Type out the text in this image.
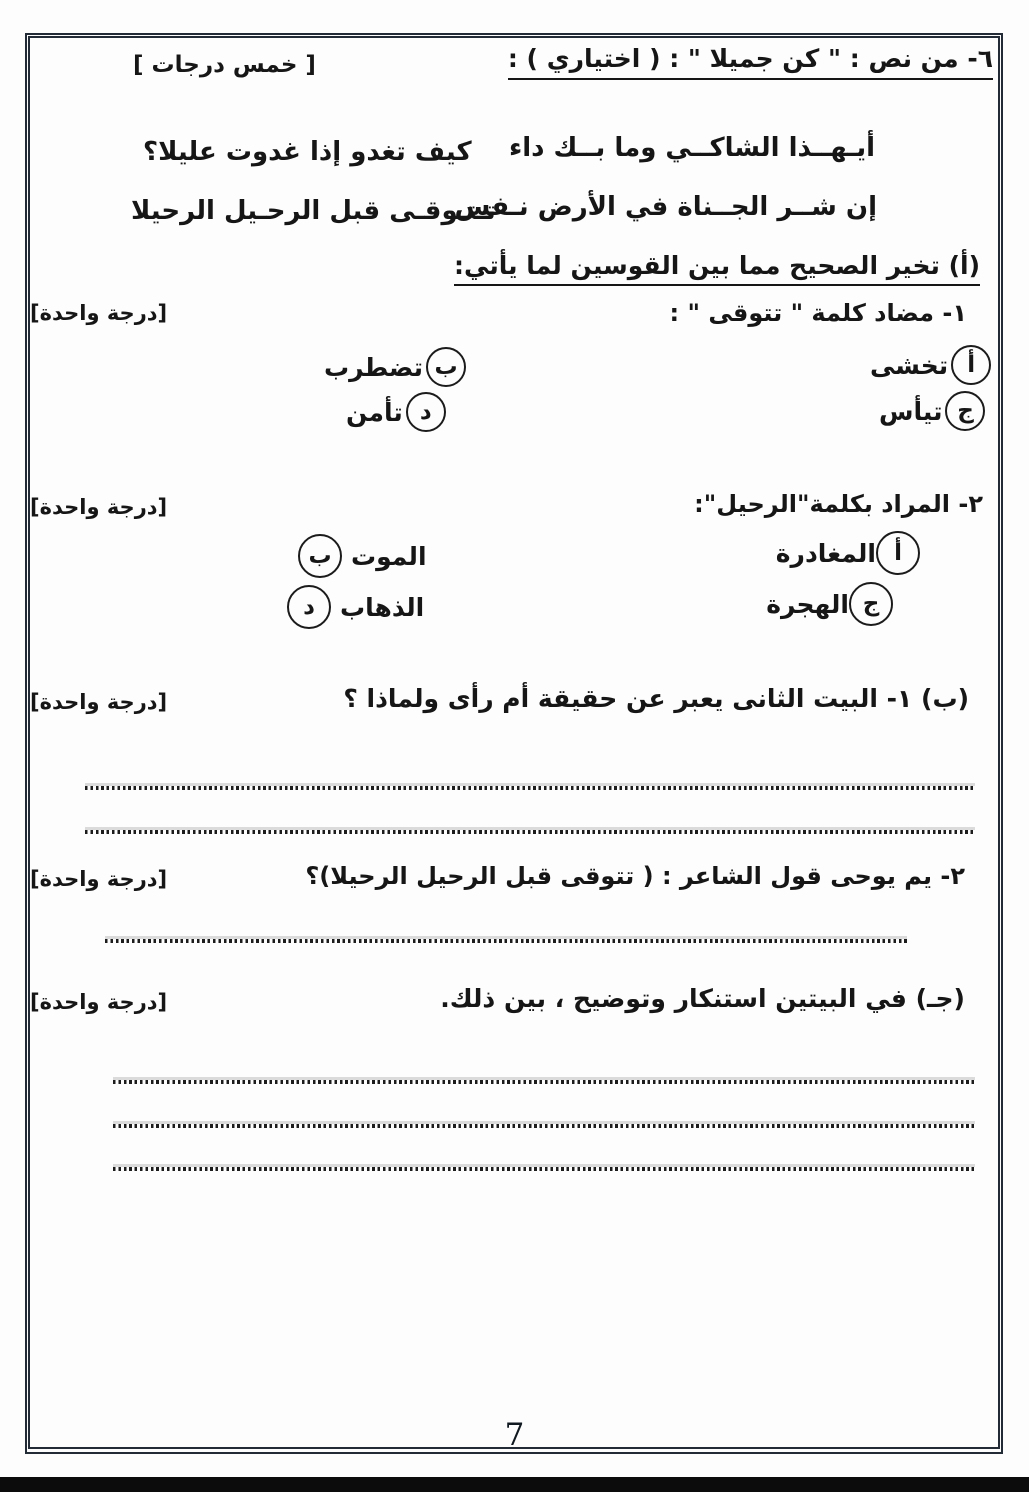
٦- من نص : " كن جميلا " : ( اختياري ) :
[ خمس درجات ]
أيـهــذا الشاكــي وما بــك داء
كيف تغدو إذا غدوت عليلا؟
إن شــر الجــناة في الأرض نـفس
تـتـوقـى قبل الرحـيل الرحيلا
(أ) تخير الصحيح مما بين القوسين لما يأتي:
١- مضاد كلمة " تتوقى " :
[درجة واحدة]
أ
تخشى
ب
تضطرب
ج
تيأس
د
تأمن
٢- المراد بكلمة"الرحيل":
[درجة واحدة]
أ
المغادرة
الموت
ب
ج
الهجرة
الذهاب
د
(ب) ١- البيت الثانى يعبر عن حقيقة أم رأى ولماذا ؟
[درجة واحدة]
٢- يم يوحى قول الشاعر : ( تتوقى قبل الرحيل الرحيلا)؟
[درجة واحدة]
(جـ) في البيتين استنكار وتوضيح ، بين ذلك.
[درجة واحدة]
7
